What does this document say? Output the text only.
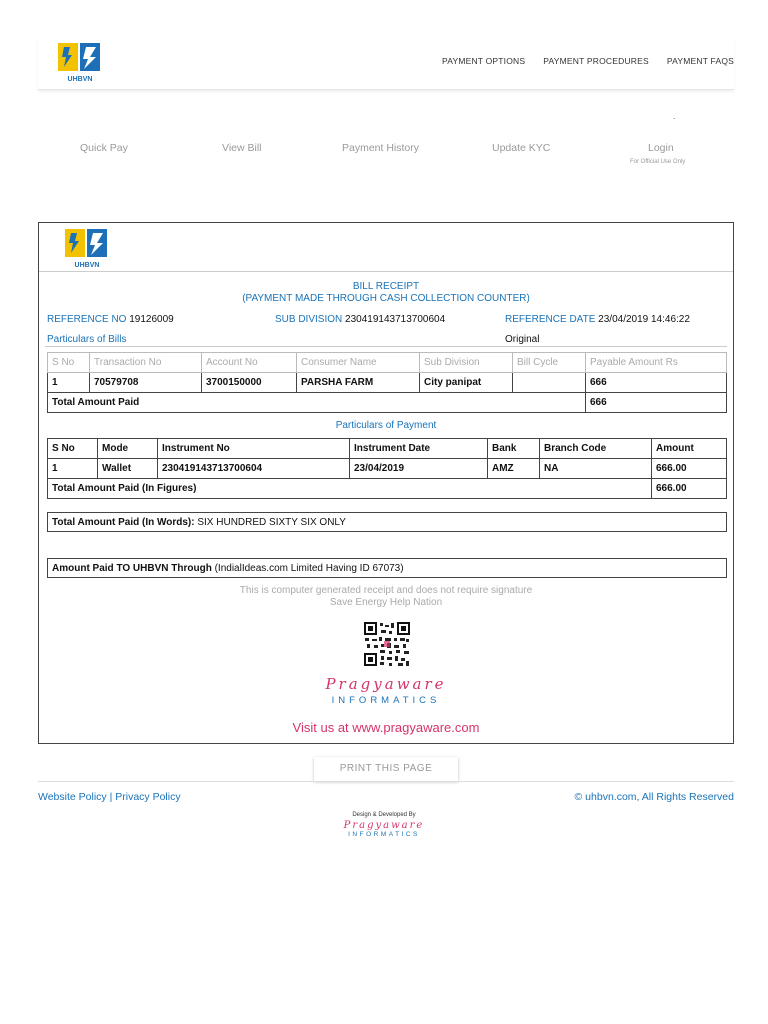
UHBVN
PAYMENT OPTIONS PAYMENT PROCEDURES PAYMENT FAQS
.
Quick Pay	View Bill	Payment History	Update KYC	Login
For Official Use Only
UHBVN
BILL RECEIPT
(PAYMENT MADE THROUGH CASH COLLECTION COUNTER)
REFERENCE NO 19126009	SUB DIVISION 230419143713700604	REFERENCE DATE 23/04/2019 14:46:22
Particulars of Bills	Original
S No	Transaction No	Account No	Consumer Name	Sub Division	Bill Cycle	Payable Amount Rs
1	70579708	3700150000	PARSHA FARM	City panipat		666
Total Amount Paid						666
Particulars of Payment
S No	Mode	Instrument No	Instrument Date	Bank	Branch Code	Amount
1	Wallet	230419143713700604	23/04/2019	AMZ	NA	666.00
Total Amount Paid (In Figures)						666.00
Total Amount Paid (In Words): SIX HUNDRED SIXTY SIX ONLY
Amount Paid TO UHBVN Through (IndialIdeas.com Limited Having ID 67073)
This is computer generated receipt and does not require signature
Save Energy Help Nation
Pragyaware
INFORMATICS
Visit us at www.pragyaware.com
PRINT THIS PAGE
Website Policy | Privacy Policy	© uhbvn.com, All Rights Reserved
Design & Developed By
Pragyaware
INFORMATICS
